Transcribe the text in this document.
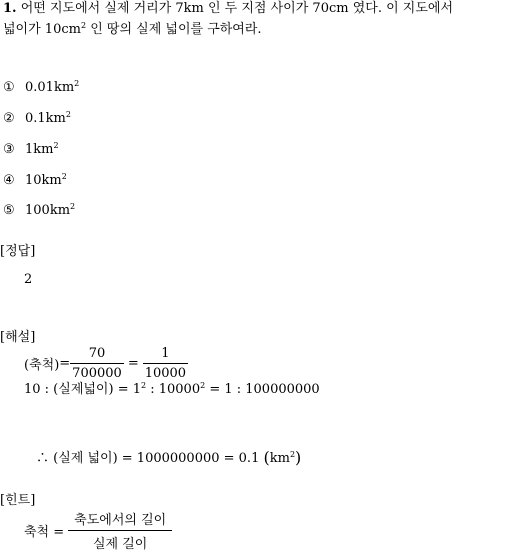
1. 어떤 지도에서 실제 거리가 7km 인 두 지점 사이가 70cm 였다. 이 지도에서
넓이가 $10cm^2$ 인 땅의 실제 넓이를 구하여라.
① $0.01km^2$
② $0.1km^2$
③ $1km^2$
④ $10km^2$
⑤ $100km^2$
[정답]
2
[해설]
(축척) = $\frac{70}{700000} = \frac{1}{10000}$
10 : (실제넓이) = $1^2$ : $10000^2 = 1$ : 100000000
∴ (실제 넓이) = 1000000000 = 0.1 $(km^2)$
[힌트]
축척 = $\frac{\text{축도에서의 길이}}{\text{실제 길이}}$
